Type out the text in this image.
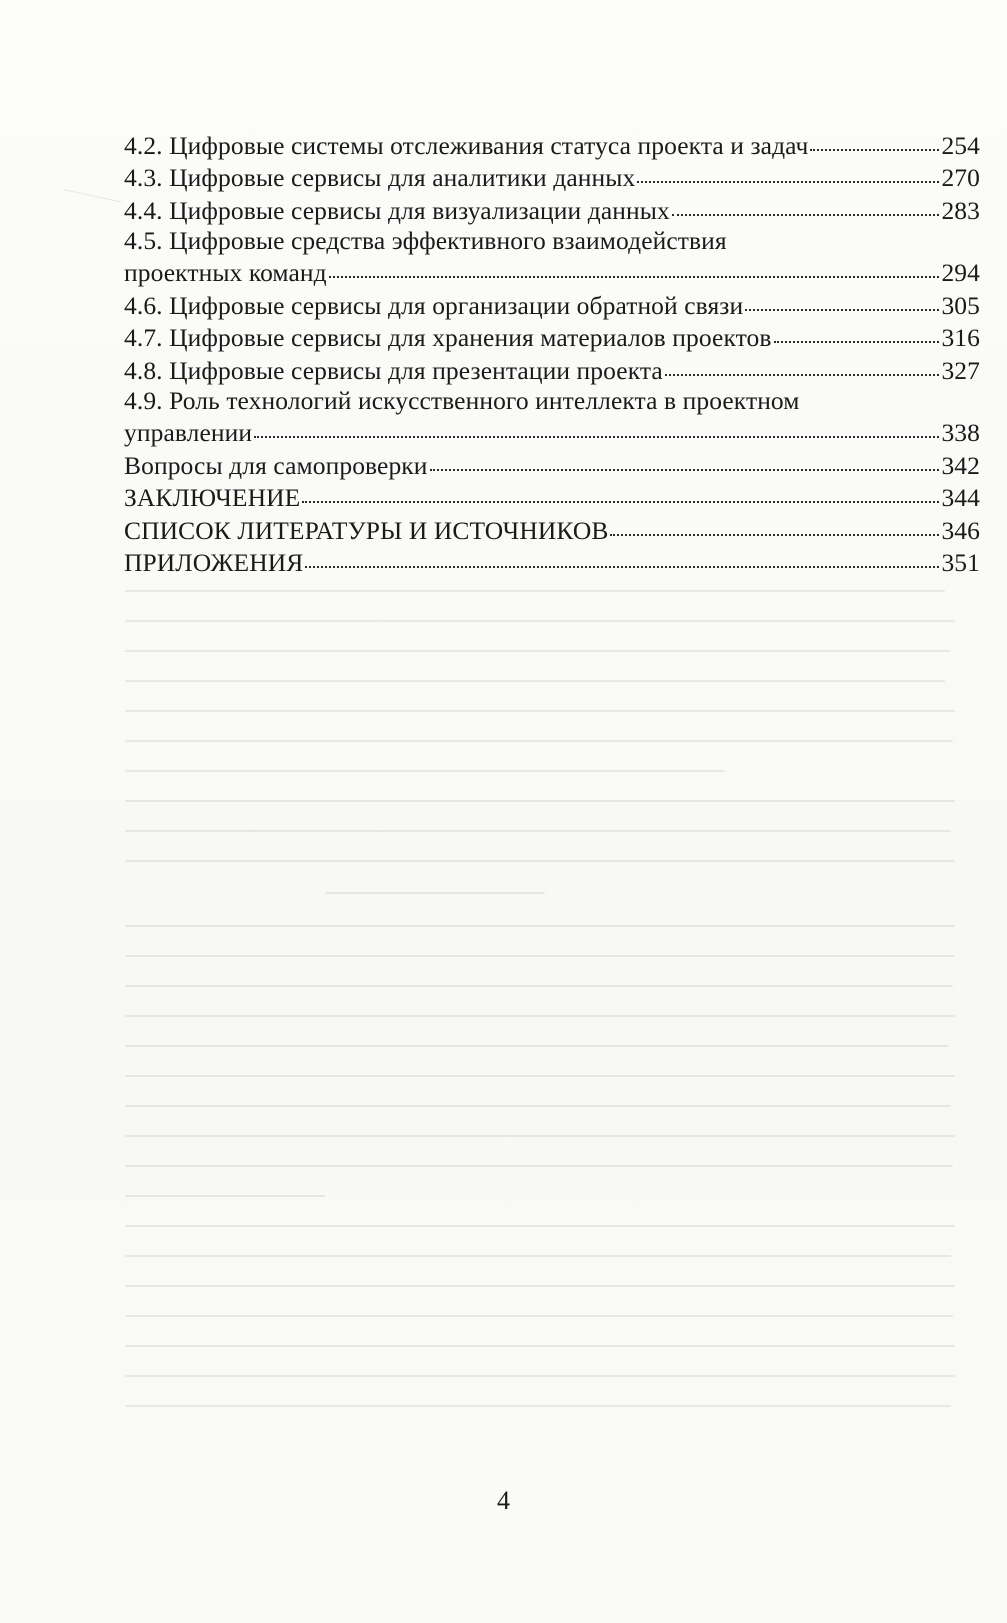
4.2. Цифровые системы отслеживания статуса проекта и задач	254
4.3. Цифровые сервисы для аналитики данных	270
4.4. Цифровые сервисы для визуализации данных	283
4.5. Цифровые средства эффективного взаимодействия
проектных команд	294
4.6. Цифровые сервисы для организации обратной связи	305
4.7. Цифровые сервисы для хранения материалов проектов	316
4.8. Цифровые сервисы для презентации проекта	327
4.9. Роль технологий искусственного интеллекта в проектном
управлении	338
Вопросы для самопроверки	342
ЗАКЛЮЧЕНИЕ	344
СПИСОК ЛИТЕРАТУРЫ И ИСТОЧНИКОВ	346
ПРИЛОЖЕНИЯ	351
4
